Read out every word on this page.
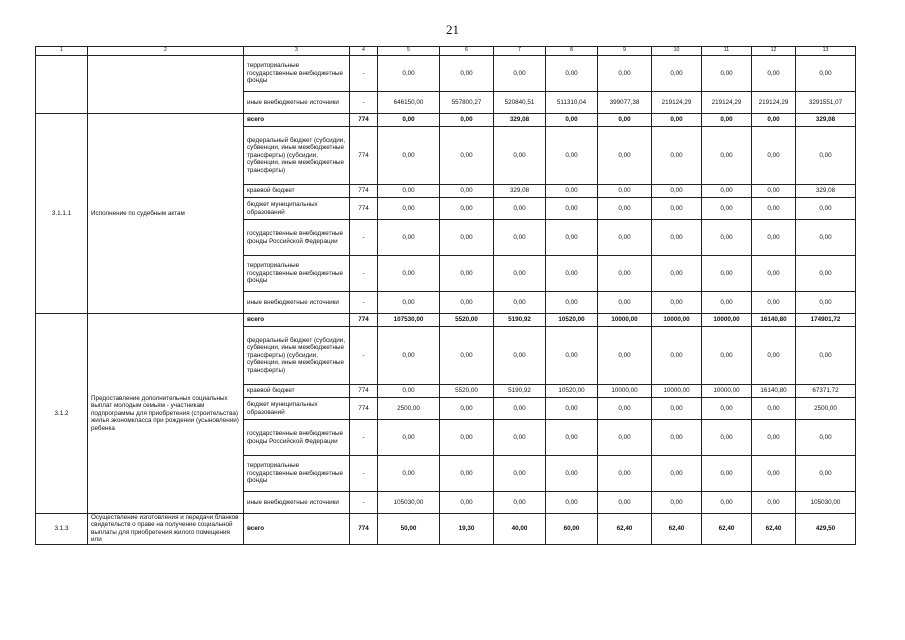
21
1	2	3	4	5	6	7	8	9	10	11	12	13
		территориальные государственные внебюджетные фонды	-	0,00	0,00	0,00	0,00	0,00	0,00	0,00	0,00	0,00
		иные внебюджетные источники	-	646150,00	557800,27	520840,51	511310,04	399077,38	219124,29	219124,29	219124,29	3291551,07
3.1.1.1	Исполнение по судебным актам	всего	774	0,00	0,00	329,08	0,00	0,00	0,00	0,00	0,00	329,08
		федеральный бюджет (субсидии, субвенции, иные межбюджетные трансферты) (субсидии, субвенции, иные межбюджетные трансферты)	774	0,00	0,00	0,00	0,00	0,00	0,00	0,00	0,00	0,00
		краевой бюджет	774	0,00	0,00	329,08	0,00	0,00	0,00	0,00	0,00	329,08
		бюджет муниципальных образований	774	0,00	0,00	0,00	0,00	0,00	0,00	0,00	0,00	0,00
		государственные внебюджетные фонды Российской Федерации	-	0,00	0,00	0,00	0,00	0,00	0,00	0,00	0,00	0,00
		территориальные государственные внебюджетные фонды	-	0,00	0,00	0,00	0,00	0,00	0,00	0,00	0,00	0,00
		иные внебюджетные источники	-	0,00	0,00	0,00	0,00	0,00	0,00	0,00	0,00	0,00
3.1.2	Предоставление дополнительных социальных выплат молодым семьям - участникам подпрограммы для приобретения (строительства) жилья экономкласса при рождении (усыновлении) ребенка	всего	774	107530,00	5520,00	5190,92	10520,00	10000,00	10000,00	10000,00	16140,80	174901,72
		федеральный бюджет (субсидии, субвенции, иные межбюджетные трансферты) (субсидии, субвенции, иные межбюджетные трансферты)	-	0,00	0,00	0,00	0,00	0,00	0,00	0,00	0,00	0,00
		краевой бюджет	774	0,00	5520,00	5190,92	10520,00	10000,00	10000,00	10000,00	16140,80	67371,72
		бюджет муниципальных образований	774	2500,00	0,00	0,00	0,00	0,00	0,00	0,00	0,00	2500,00
		государственные внебюджетные фонды Российской Федерации	-	0,00	0,00	0,00	0,00	0,00	0,00	0,00	0,00	0,00
		территориальные государственные внебюджетные фонды	-	0,00	0,00	0,00	0,00	0,00	0,00	0,00	0,00	0,00
		иные внебюджетные источники	-	105030,00	0,00	0,00	0,00	0,00	0,00	0,00	0,00	105030,00
3.1.3	Осуществление изготовления и передачи бланков свидетельств о праве на получение социальной выплаты для приобретения жилого помещения или	всего	774	50,00	19,30	40,00	60,00	62,40	62,40	62,40	62,40	429,50
